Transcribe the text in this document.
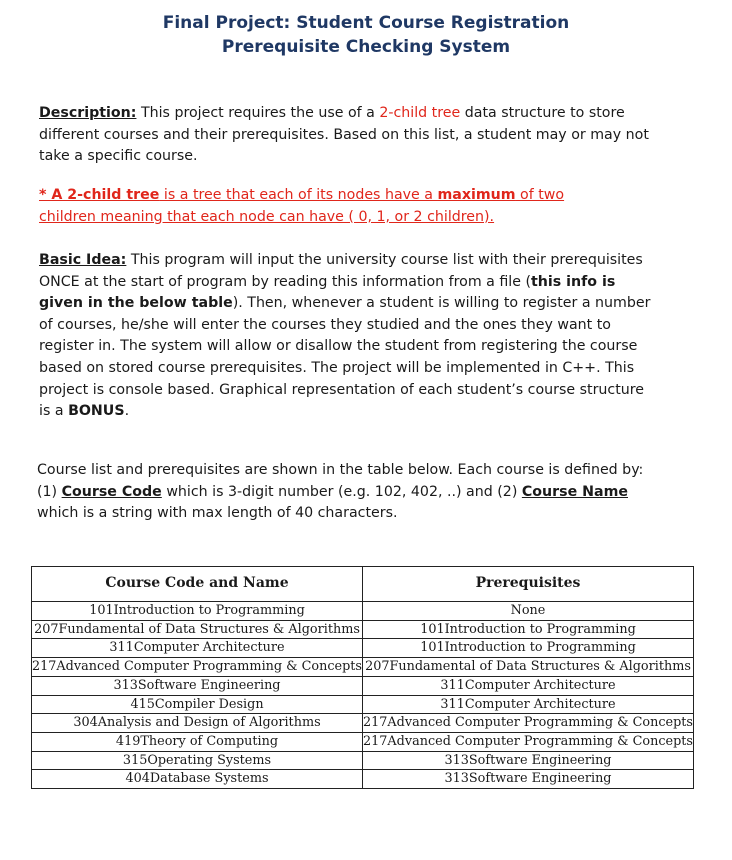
Final Project: Student Course Registration
Prerequisite Checking System
Description: This project requires the use of a 2-child tree data structure to store different courses and their prerequisites. Based on this list, a student may or may not take a specific course.
* A 2-child tree is a tree that each of its nodes have a maximum of two children meaning that each node can have ( 0, 1, or 2 children).
Basic Idea: This program will input the university course list with their prerequisites ONCE at the start of program by reading this information from a file (this info is given in the below table). Then, whenever a student is willing to register a number of courses, he/she will enter the courses they studied and the ones they want to register in. The system will allow or disallow the student from registering the course based on stored course prerequisites. The project will be implemented in C++. This project is console based. Graphical representation of each student’s course structure is a BONUS.
Course list and prerequisites are shown in the table below. Each course is defined by: (1) Course Code which is 3-digit number (e.g. 102, 402, ..) and (2) Course Name which is a string with max length of 40 characters.
Course Code and Name	Prerequisites
101Introduction to Programming	None
207Fundamental of Data Structures & Algorithms	101Introduction to Programming
311Computer Architecture	101Introduction to Programming
217Advanced Computer Programming & Concepts	207Fundamental of Data Structures & Algorithms
313Software Engineering	311Computer Architecture
415Compiler Design	311Computer Architecture
304Analysis and Design of Algorithms	217Advanced Computer Programming & Concepts
419Theory of Computing	217Advanced Computer Programming & Concepts
315Operating Systems	313Software Engineering
404Database Systems	313Software Engineering
